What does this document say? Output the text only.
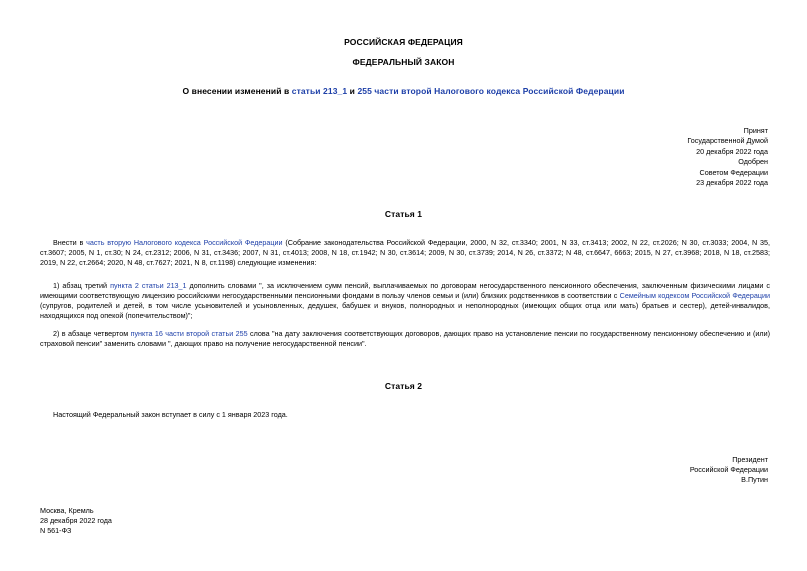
РОССИЙСКАЯ ФЕДЕРАЦИЯ
ФЕДЕРАЛЬНЫЙ ЗАКОН
О внесении изменений в статьи 213_1 и 255 части второй Налогового кодекса Российской Федерации
Принят
Государственной Думой
20 декабря 2022 года
Одобрен
Советом Федерации
23 декабря 2022 года
Статья 1
Внести в часть вторую Налогового кодекса Российской Федерации (Собрание законодательства Российской Федерации, 2000, N 32, ст.3340; 2001, N 33, ст.3413; 2002, N 22, ст.2026; N 30, ст.3033; 2004, N 35, ст.3607; 2005, N 1, ст.30; N 24, ст.2312; 2006, N 31, ст.3436; 2007, N 31, ст.4013; 2008, N 18, ст.1942; N 30, ст.3614; 2009, N 30, ст.3739; 2014, N 26, ст.3372; N 48, ст.6647, 6663; 2015, N 27, ст.3968; 2018, N 18, ст.2583; 2019, N 22, ст.2664; 2020, N 48, ст.7627; 2021, N 8, ст.1198) следующие изменения:
1) абзац третий пункта 2 статьи 213_1 дополнить словами ", за исключением сумм пенсий, выплачиваемых по договорам негосударственного пенсионного обеспечения, заключенным физическими лицами с имеющими соответствующую лицензию российскими негосударственными пенсионными фондами в пользу членов семьи и (или) близких родственников в соответствии с Семейным кодексом Российской Федерации (супругов, родителей и детей, в том числе усыновителей и усыновленных, дедушек, бабушек и внуков, полнородных и неполнородных (имеющих общих отца или мать) братьев и сестер), детей-инвалидов, находящихся под опекой (попечительством)";
2) в абзаце четвертом пункта 16 части второй статьи 255 слова "на дату заключения соответствующих договоров, дающих право на установление пенсии по государственному пенсионному обеспечению и (или) страховой пенсии" заменить словами ", дающих право на получение негосударственной пенсии".
Статья 2
Настоящий Федеральный закон вступает в силу с 1 января 2023 года.
Президент
Российской Федерации
В.Путин
Москва, Кремль
28 декабря 2022 года
N 561-ФЗ
